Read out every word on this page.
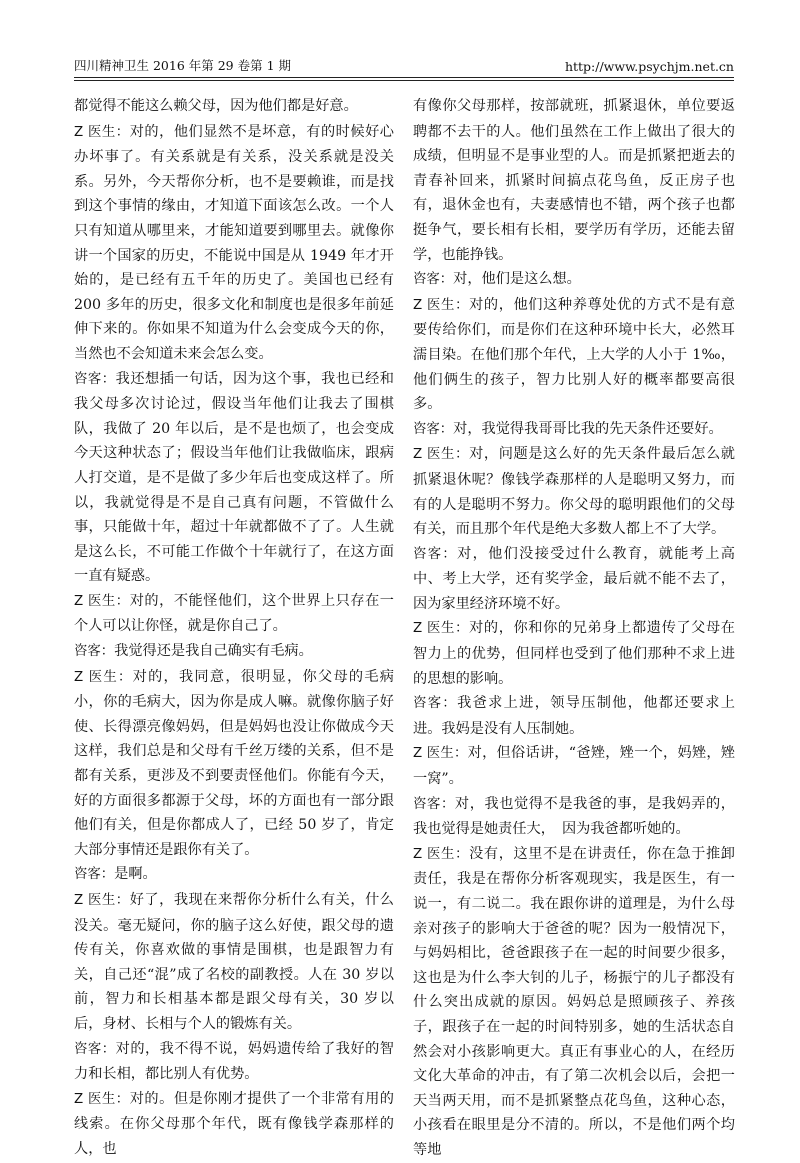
四川精神卫生 2016 年第 29 卷第 1 期	http://www.psychjm.net.cn

都觉得不能这么赖父母，因为他们都是好意。

Z 医生：对的，他们显然不是坏意，有的时候好心办坏事了。有关系就是有关系，没关系就是没关系。另外，今天帮你分析，也不是要赖谁，而是找到这个事情的缘由，才知道下面该怎么改。一个人只有知道从哪里来，才能知道要到哪里去。就像你讲一个国家的历史，不能说中国是从 1949 年才开始的，是已经有五千年的历史了。美国也已经有 200 多年的历史，很多文化和制度也是很多年前延伸下来的。你如果不知道为什么会变成今天的你，当然也不会知道未来会怎么变。

咨客：我还想插一句话，因为这个事，我也已经和我父母多次讨论过，假设当年他们让我去了围棋队，我做了 20 年以后，是不是也烦了，也会变成今天这种状态了；假设当年他们让我做临床，跟病人打交道，是不是做了多少年后也变成这样了。所以，我就觉得是不是自己真有问题，不管做什么事，只能做十年，超过十年就都做不了了。人生就是这么长，不可能工作做个十年就行了，在这方面一直有疑惑。

Z 医生：对的，不能怪他们，这个世界上只存在一个人可以让你怪，就是你自己了。

咨客：我觉得还是我自己确实有毛病。

Z 医生：对的，我同意，很明显，你父母的毛病小，你的毛病大，因为你是成人嘛。就像你脑子好使、长得漂亮像妈妈，但是妈妈也没让你做成今天这样，我们总是和父母有千丝万缕的关系，但不是都有关系，更涉及不到要责怪他们。你能有今天，好的方面很多都源于父母，坏的方面也有一部分跟他们有关，但是你都成人了，已经 50 岁了，肯定大部分事情还是跟你有关了。

咨客：是啊。

Z 医生：好了，我现在来帮你分析什么有关，什么没关。毫无疑问，你的脑子这么好使，跟父母的遗传有关，你喜欢做的事情是围棋，也是跟智力有关，自己还“混”成了名校的副教授。人在 30 岁以前，智力和长相基本都是跟父母有关，30 岁以后，身材、长相与个人的锻炼有关。

咨客：对的，我不得不说，妈妈遗传给了我好的智力和长相，都比别人有优势。

Z 医生：对的。但是你刚才提供了一个非常有用的线索。在你父母那个年代，既有像钱学森那样的人，也

有像你父母那样，按部就班，抓紧退休，单位要返聘都不去干的人。他们虽然在工作上做出了很大的成绩，但明显不是事业型的人。而是抓紧把逝去的青春补回来，抓紧时间搞点花鸟鱼，反正房子也有，退休金也有，夫妻感情也不错，两个孩子也都挺争气，要长相有长相，要学历有学历，还能去留学，也能挣钱。

咨客：对，他们是这么想。

Z 医生：对的，他们这种养尊处优的方式不是有意要传给你们，而是你们在这种环境中长大，必然耳濡目染。在他们那个年代，上大学的人小于 1‰，他们俩生的孩子，智力比别人好的概率都要高很多。

咨客：对，我觉得我哥哥比我的先天条件还要好。

Z 医生：对，问题是这么好的先天条件最后怎么就抓紧退休呢？像钱学森那样的人是聪明又努力，而有的人是聪明不努力。你父母的聪明跟他们的父母有关，而且那个年代是绝大多数人都上不了大学。

咨客：对，他们没接受过什么教育，就能考上高中、考上大学，还有奖学金，最后就不能不去了，因为家里经济环境不好。

Z 医生：对的，你和你的兄弟身上都遗传了父母在智力上的优势，但同样也受到了他们那种不求上进的思想的影响。

咨客：我爸求上进，领导压制他，他都还要求上进。我妈是没有人压制她。

Z 医生：对，但俗话讲，“爸矬，矬一个，妈矬，矬一窝”。

咨客：对，我也觉得不是我爸的事，是我妈弄的，我也觉得是她责任大，　因为我爸都听她的。

Z 医生：没有，这里不是在讲责任，你在急于推卸责任，我是在帮你分析客观现实，我是医生，有一说一，有二说二。我在跟你讲的道理是，为什么母亲对孩子的影响大于爸爸的呢？因为一般情况下，与妈妈相比，爸爸跟孩子在一起的时间要少很多，这也是为什么李大钊的儿子，杨振宁的儿子都没有什么突出成就的原因。妈妈总是照顾孩子、养孩子，跟孩子在一起的时间特别多，她的生活状态自然会对小孩影响更大。真正有事业心的人，在经历文化大革命的冲击，有了第二次机会以后，会把一天当两天用，而不是抓紧整点花鸟鱼，这种心态，小孩看在眼里是分不清的。所以，不是他们两个均等地
